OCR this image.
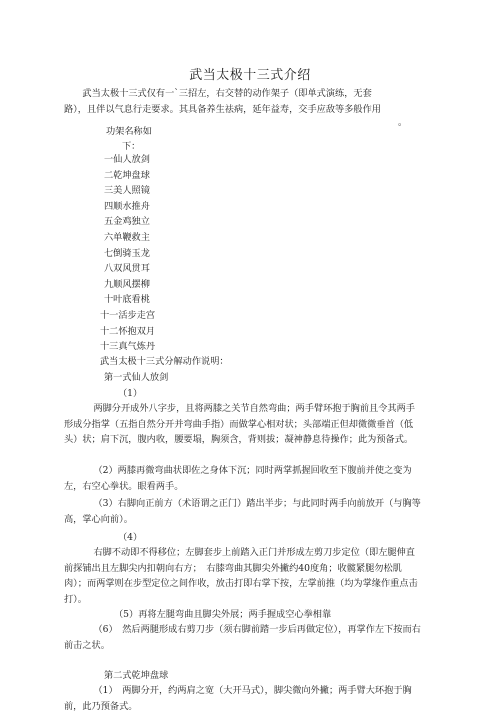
武当太极十三式介绍
武当太极十三式仅有一`三招左，右交替的动作架子（即单式演练，无套路），且伴以气息行走要求。其具备养生祛病，延年益寿，交手应敌等多般作用
。
功架名称如
下：
一仙人放剑
二乾坤盘球
三美人照镜
四顺水推舟
五金鸡独立
六单鞭救主
七倒骑玉龙
八双风贯耳
九顺风摆柳
十叶底看桃
十一活步走宫
十二怀抱双月
十三真气炼丹
武当太极十三式分解动作说明：
第一式仙人放剑
（1）
两脚分开成外八字步，且将两膝之关节自然弯曲；两手臂环抱于胸前且令其两手形成分指掌（五指自然分开并弯曲手指）而做掌心相对状；头部端正但却微微垂首（低头）状；肩下沉，腹内收，腰要塌，胸须含，背则拔；凝神静息待操作；此为预备式。
（2）两膝再微弯曲状即佐之身体下沉；同时两掌抓握回收至下腹前并使之变为左，右空心拳状。眼看两手。
（3）右脚向正前方（术语谓之正门）踏出半步；与此同时两手向前放开（与胸等高，掌心向前）。
（4）
右脚不动即不得移位；左脚套步上前踏入正门并形成左剪刀步定位（即左腿伸直前探铺出且左脚尖内扣朝向右方；　右膝弯曲其脚尖外撇约40度角；收髋紧腿勿松肌肉）；而两掌则在步型定位之间作收，放击打即右掌下按，左掌前推（均为掌缘作重点击打）。
（5）再将左腿弯曲且脚尖外展；两手握成空心拳相靠
（6）　然后两腿形成右剪刀步（须右脚前踏一步后再做定位），再掌作左下按而右前击之状。
第二式乾坤盘球
（1）　两脚分开，约两肩之宽（大开马式），脚尖微向外撇；两手臂大环抱于胸前，此乃预备式。
